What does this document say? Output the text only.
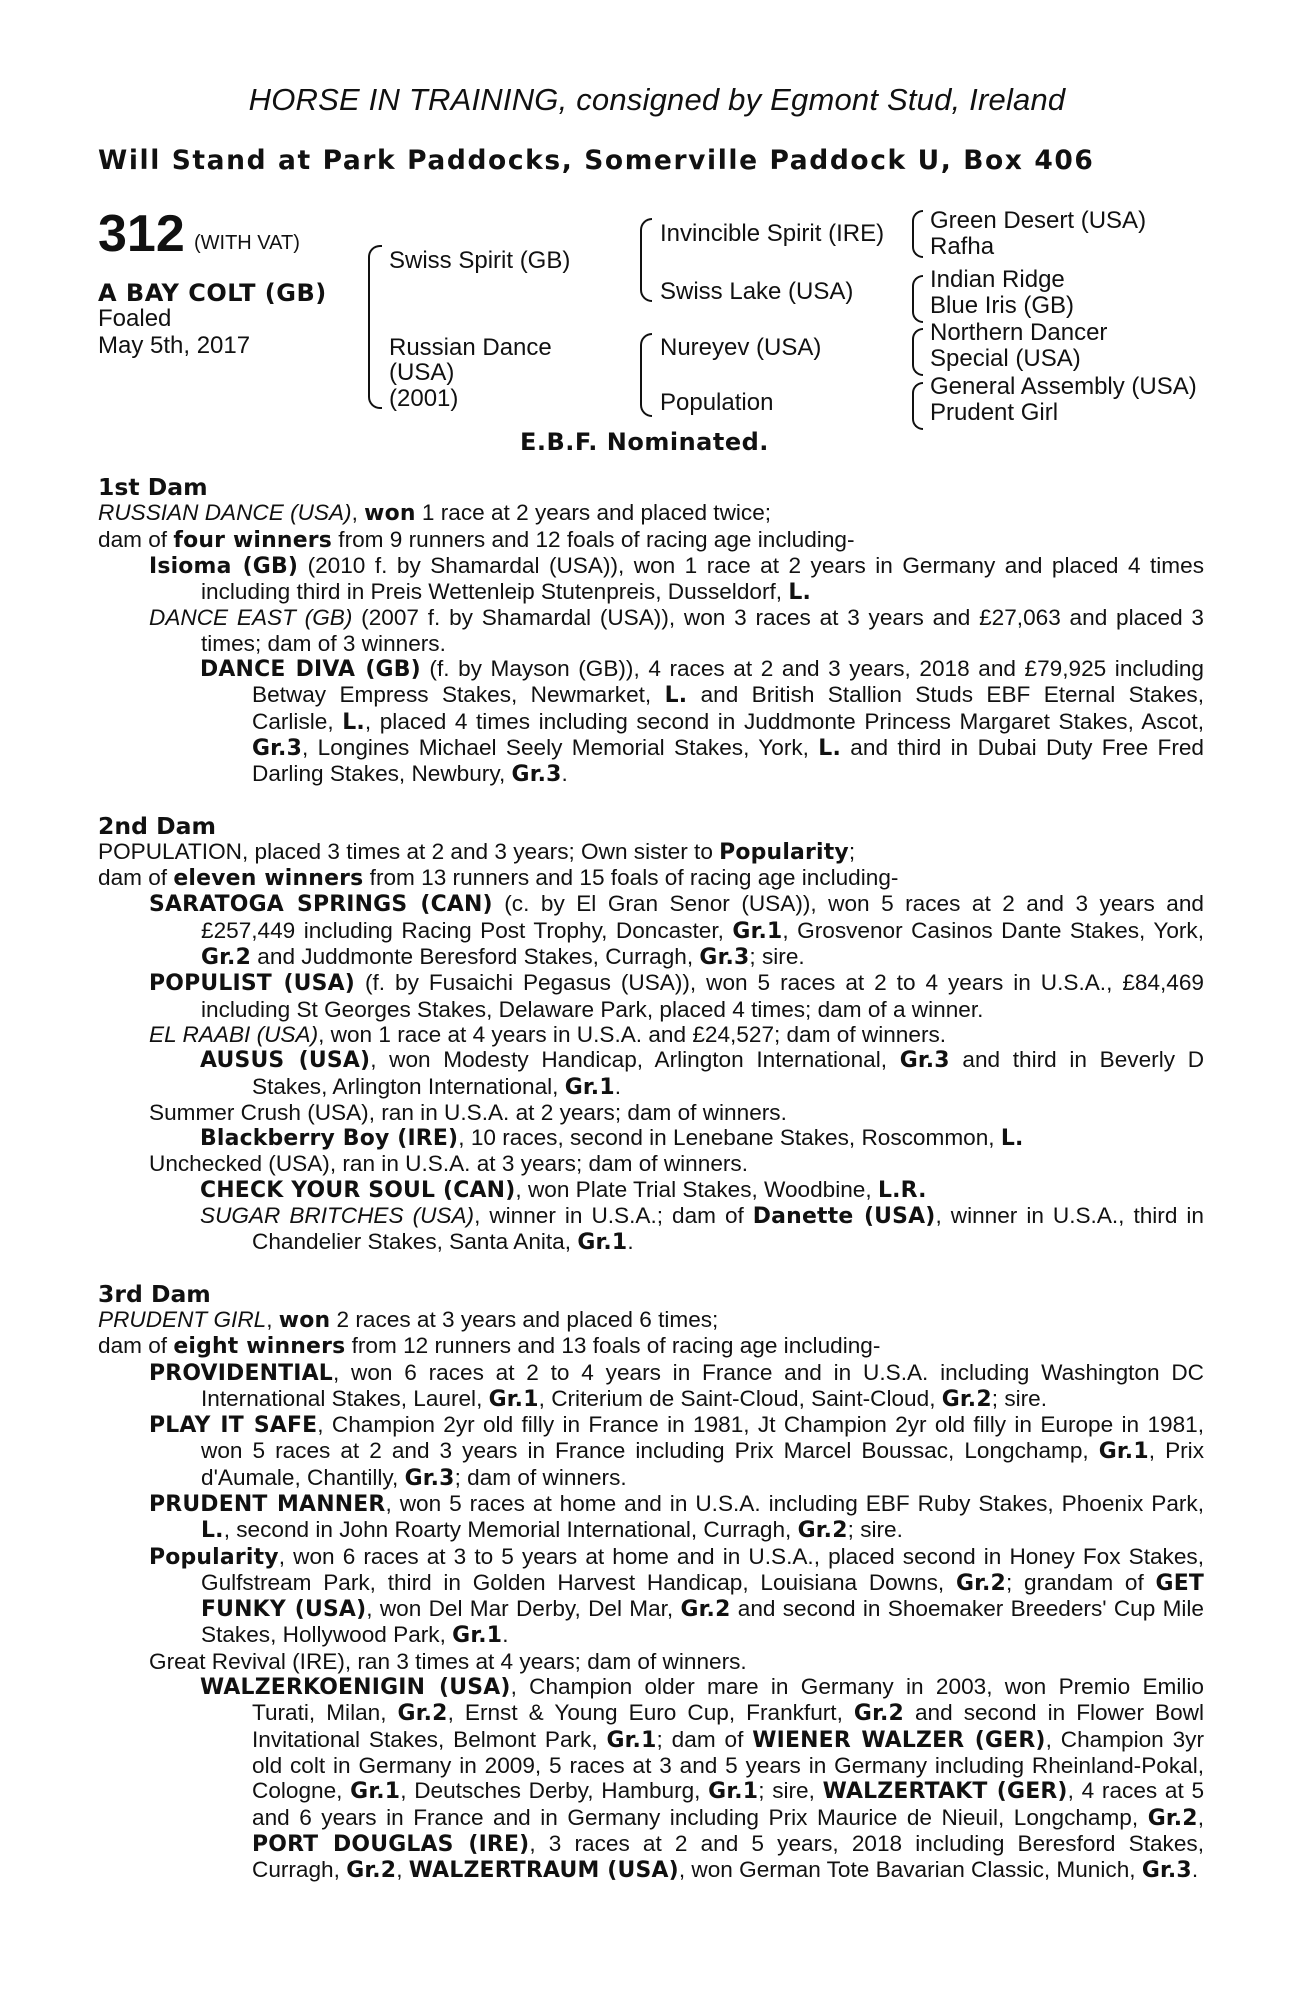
HORSE IN TRAINING, consigned by Egmont Stud, Ireland
Will Stand at Park Paddocks, Somerville Paddock U, Box 406
312 (WITH VAT)
A BAY COLT (GB)
Foaled
May 5th, 2017
Swiss Spirit (GB)
Russian Dance
(USA)
(2001)
Invincible Spirit (IRE)
Swiss Lake (USA)
Nureyev (USA)
Population
Green Desert (USA)
Rafha
Indian Ridge
Blue Iris (GB)
Northern Dancer
Special (USA)
General Assembly (USA)
Prudent Girl
E.B.F. Nominated.
1st Dam
RUSSIAN DANCE (USA), won 1 race at 2 years and placed twice;
dam of four winners from 9 runners and 12 foals of racing age including-
Isioma (GB) (2010 f. by Shamardal (USA)), won 1 race at 2 years in Germany and placed 4 times including third in Preis Wettenleip Stutenpreis, Dusseldorf, L.
DANCE EAST (GB) (2007 f. by Shamardal (USA)), won 3 races at 3 years and £27,063 and placed 3 times; dam of 3 winners.
DANCE DIVA (GB) (f. by Mayson (GB)), 4 races at 2 and 3 years, 2018 and £79,925 including Betway Empress Stakes, Newmarket, L. and British Stallion Studs EBF Eternal Stakes, Carlisle, L., placed 4 times including second in Juddmonte Princess Margaret Stakes, Ascot, Gr.3, Longines Michael Seely Memorial Stakes, York, L. and third in Dubai Duty Free Fred Darling Stakes, Newbury, Gr.3.
2nd Dam
POPULATION, placed 3 times at 2 and 3 years; Own sister to Popularity;
dam of eleven winners from 13 runners and 15 foals of racing age including-
SARATOGA SPRINGS (CAN) (c. by El Gran Senor (USA)), won 5 races at 2 and 3 years and £257,449 including Racing Post Trophy, Doncaster, Gr.1, Grosvenor Casinos Dante Stakes, York, Gr.2 and Juddmonte Beresford Stakes, Curragh, Gr.3; sire.
POPULIST (USA) (f. by Fusaichi Pegasus (USA)), won 5 races at 2 to 4 years in U.S.A., £84,469 including St Georges Stakes, Delaware Park, placed 4 times; dam of a winner.
EL RAABI (USA), won 1 race at 4 years in U.S.A. and £24,527; dam of winners.
AUSUS (USA), won Modesty Handicap, Arlington International, Gr.3 and third in Beverly D Stakes, Arlington International, Gr.1.
Summer Crush (USA), ran in U.S.A. at 2 years; dam of winners.
Blackberry Boy (IRE), 10 races, second in Lenebane Stakes, Roscommon, L.
Unchecked (USA), ran in U.S.A. at 3 years; dam of winners.
CHECK YOUR SOUL (CAN), won Plate Trial Stakes, Woodbine, L.R.
SUGAR BRITCHES (USA), winner in U.S.A.; dam of Danette (USA), winner in U.S.A., third in Chandelier Stakes, Santa Anita, Gr.1.
3rd Dam
PRUDENT GIRL, won 2 races at 3 years and placed 6 times;
dam of eight winners from 12 runners and 13 foals of racing age including-
PROVIDENTIAL, won 6 races at 2 to 4 years in France and in U.S.A. including Washington DC International Stakes, Laurel, Gr.1, Criterium de Saint-Cloud, Saint-Cloud, Gr.2; sire.
PLAY IT SAFE, Champion 2yr old filly in France in 1981, Jt Champion 2yr old filly in Europe in 1981, won 5 races at 2 and 3 years in France including Prix Marcel Boussac, Longchamp, Gr.1, Prix d'Aumale, Chantilly, Gr.3; dam of winners.
PRUDENT MANNER, won 5 races at home and in U.S.A. including EBF Ruby Stakes, Phoenix Park, L., second in John Roarty Memorial International, Curragh, Gr.2; sire.
Popularity, won 6 races at 3 to 5 years at home and in U.S.A., placed second in Honey Fox Stakes, Gulfstream Park, third in Golden Harvest Handicap, Louisiana Downs, Gr.2; grandam of GET FUNKY (USA), won Del Mar Derby, Del Mar, Gr.2 and second in Shoemaker Breeders' Cup Mile Stakes, Hollywood Park, Gr.1.
Great Revival (IRE), ran 3 times at 4 years; dam of winners.
WALZERKOENIGIN (USA), Champion older mare in Germany in 2003, won Premio Emilio Turati, Milan, Gr.2, Ernst & Young Euro Cup, Frankfurt, Gr.2 and second in Flower Bowl Invitational Stakes, Belmont Park, Gr.1; dam of WIENER WALZER (GER), Champion 3yr old colt in Germany in 2009, 5 races at 3 and 5 years in Germany including Rheinland-Pokal, Cologne, Gr.1, Deutsches Derby, Hamburg, Gr.1; sire, WALZERTAKT (GER), 4 races at 5 and 6 years in France and in Germany including Prix Maurice de Nieuil, Longchamp, Gr.2, PORT DOUGLAS (IRE), 3 races at 2 and 5 years, 2018 including Beresford Stakes, Curragh, Gr.2, WALZERTRAUM (USA), won German Tote Bavarian Classic, Munich, Gr.3.
